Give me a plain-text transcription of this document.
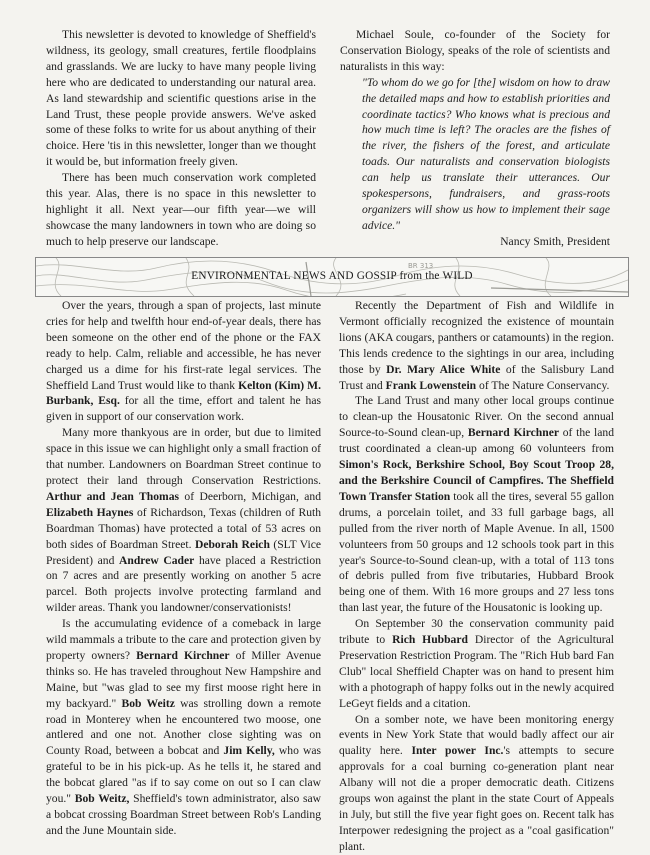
This newsletter is devoted to knowledge of Sheffield's wildness, its geology, small creatures, fertile floodplains and grasslands. We are lucky to have many people living here who are dedicated to understanding our natural area. As land stewardship and scientific questions arise in the Land Trust, these people provide answers. We've asked some of these folks to write for us about anything of their choice. Here 'tis in this newsletter, longer than we thought it would be, but information freely given.

There has been much conservation work completed this year. Alas, there is no space in this newsletter to highlight it all. Next year—our fifth year—we will showcase the many landowners in town who are doing so much to help preserve our landscape.

Michael Soule, co-founder of the Society for Conservation Biology, speaks of the role of scientists and naturalists in this way:

"To whom do we go for [the] wisdom on how to draw the detailed maps and how to establish priorities and coordinate tactics? Who knows what is precious and how much time is left? The oracles are the fishes of the river, the fishers of the forest, and articulate toads. Our naturalists and conservation biologists can help us translate their utterances. Our spokespersons, fundraisers, and grass-roots organizers will show us how to implement their sage advice."

Nancy Smith, President

BR 313
ENVIRONMENTAL NEWS AND GOSSIP from the WILD

Over the years, through a span of projects, last minute cries for help and twelfth hour end-of-year deals, there has been someone on the other end of the phone or the FAX ready to help. Calm, reliable and accessible, he has never charged us a dime for his first-rate legal services. The Sheffield Land Trust would like to thank Kelton (Kim) M. Burbank, Esq. for all the time, effort and talent he has given in support of our conservation work.

Many more thankyous are in order, but due to limited space in this issue we can highlight only a small fraction of that number. Landowners on Boardman Street continue to protect their land through Conservation Restrictions. Arthur and Jean Thomas of Deerborn, Michigan, and Elizabeth Haynes of Richardson, Texas (children of Ruth Boardman Thomas) have protected a total of 53 acres on both sides of Boardman Street. Deborah Reich (SLT Vice President) and Andrew Cader have placed a Restriction on 7 acres and are presently working on another 5 acre parcel. Both projects involve protecting farmland and wilder areas. Thank you landowner/conservationists!

Is the accumulating evidence of a comeback in large wild mammals a tribute to the care and protection given by property owners? Bernard Kirchner of Miller Avenue thinks so. He has traveled throughout New Hampshire and Maine, but "was glad to see my first moose right here in my backyard." Bob Weitz was strolling down a remote road in Monterey when he encountered two moose, one antlered and one not. Another close sighting was on County Road, between a bobcat and Jim Kelly, who was grateful to be in his pick-up. As he tells it, he stared and the bobcat glared "as if to say come on out so I can claw you." Bob Weitz, Sheffield's town administrator, also saw a bobcat crossing Boardman Street between Rob's Landing and the June Mountain side.

Recently the Department of Fish and Wildlife in Vermont officially recognized the existence of mountain lions (AKA cougars, panthers or catamounts) in the region. This lends credence to the sightings in our area, including those by Dr. Mary Alice White of the Salisbury Land Trust and Frank Lowenstein of The Nature Conservancy.

The Land Trust and many other local groups continue to clean-up the Housatonic River. On the second annual Source-to-Sound clean-up, Bernard Kirchner of the land trust coordinated a clean-up among 60 volunteers from Simon's Rock, Berkshire School, Boy Scout Troop 28, and the Berkshire Council of Campfires. The Sheffield Town Transfer Station took all the tires, several 55 gallon drums, a porcelain toilet, and 33 full garbage bags, all pulled from the river north of Maple Avenue. In all, 1500 volunteers from 50 groups and 12 schools took part in this year's Source-to-Sound clean-up, with a total of 113 tons of debris pulled from five tributaries, Hubbard Brook being one of them. With 16 more groups and 27 less tons than last year, the future of the Housatonic is looking up.

On September 30 the conservation community paid tribute to Rich Hubbard Director of the Agricultural Preservation Restriction Program. The "Rich Hub bard Fan Club" local Sheffield Chapter was on hand to present him with a photograph of happy folks out in the newly acquired LeGeyt fields and a citation.

On a somber note, we have been monitoring energy events in New York State that would badly affect our air quality here. Inter power Inc.'s attempts to secure approvals for a coal burning co-generation plant near Albany will not die a proper democratic death. Citizens groups won against the plant in the state Court of Appeals in July, but still the five year fight goes on. Recent talk has Interpower redesigning the project as a "coal gasification" plant.
